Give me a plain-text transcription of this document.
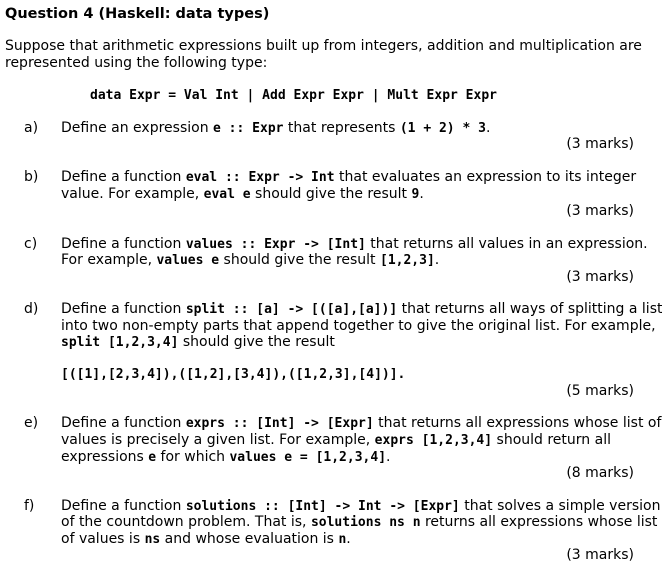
Question 4 (Haskell: data types)
Suppose that arithmetic expressions built up from integers, addition and multiplication are
represented using the following type:
data Expr = Val Int | Add Expr Expr | Mult Expr Expr
a) Define an expression e :: Expr that represents (1 + 2) * 3.
(3 marks)
b) Define a function eval :: Expr -> Int that evaluates an expression to its integer
value. For example, eval e should give the result 9.
(3 marks)
c) Define a function values :: Expr -> [Int] that returns all values in an expression.
For example, values e should give the result [1,2,3].
(3 marks)
d) Define a function split :: [a] -> [([a],[a])] that returns all ways of splitting a list
into two non-empty parts that append together to give the original list. For example,
split [1,2,3,4] should give the result
[([1],[2,3,4]),([1,2],[3,4]),([1,2,3],[4])].
(5 marks)
e) Define a function exprs :: [Int] -> [Expr] that returns all expressions whose list of
values is precisely a given list. For example, exprs [1,2,3,4] should return all
expressions e for which values e = [1,2,3,4].
(8 marks)
f) Define a function solutions :: [Int] -> Int -> [Expr] that solves a simple version
of the countdown problem. That is, solutions ns n returns all expressions whose list
of values is ns and whose evaluation is n.
(3 marks)
